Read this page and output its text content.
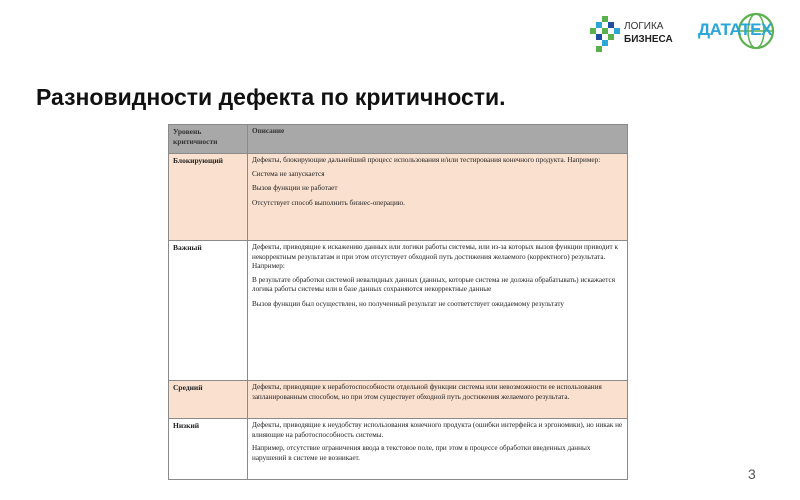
ЛОГИКА
БИЗНЕСА
ДАТАТЕХ
Разновидности дефекта по критичности.
Уровень критичности	Описание
Блокирующий	Дефекты, блокирующие дальнейший процесс использования и/или тестирования конечного продукта. Например:

Система не запускается

Вызов функции не работает

Отсутствует способ выполнить бизнес-операцию.

Важный	Дефекты, приводящие к искажению данных или логики работы системы, или из-за которых вызов функции приводит к некорректным результатам и при этом отсутствует обходной путь достижения желаемого (корректного) результата. Например:

В результате обработки системой невалидных данных (данных, которые система не должна обрабатывать) искажается логика работы системы или в базе данных сохраняются некорректные данные

Вызов функции был осуществлен, но полученный результат не соответствует ожидаемому результату

Средний	Дефекты, приводящие к неработоспособности отдельной функции системы или невозможности ее использования запланированным способом, но при этом существует обходной путь достижения желаемого результата.

Низкий	Дефекты, приводящие к неудобству использования конечного продукта (ошибки интерфейса и эргономики), но никак не влияющие на работоспособность системы.

Например, отсутствие ограничения ввода в текстовое поле, при этом в процессе обработки введенных данных нарушений в системе не возникает.

3
